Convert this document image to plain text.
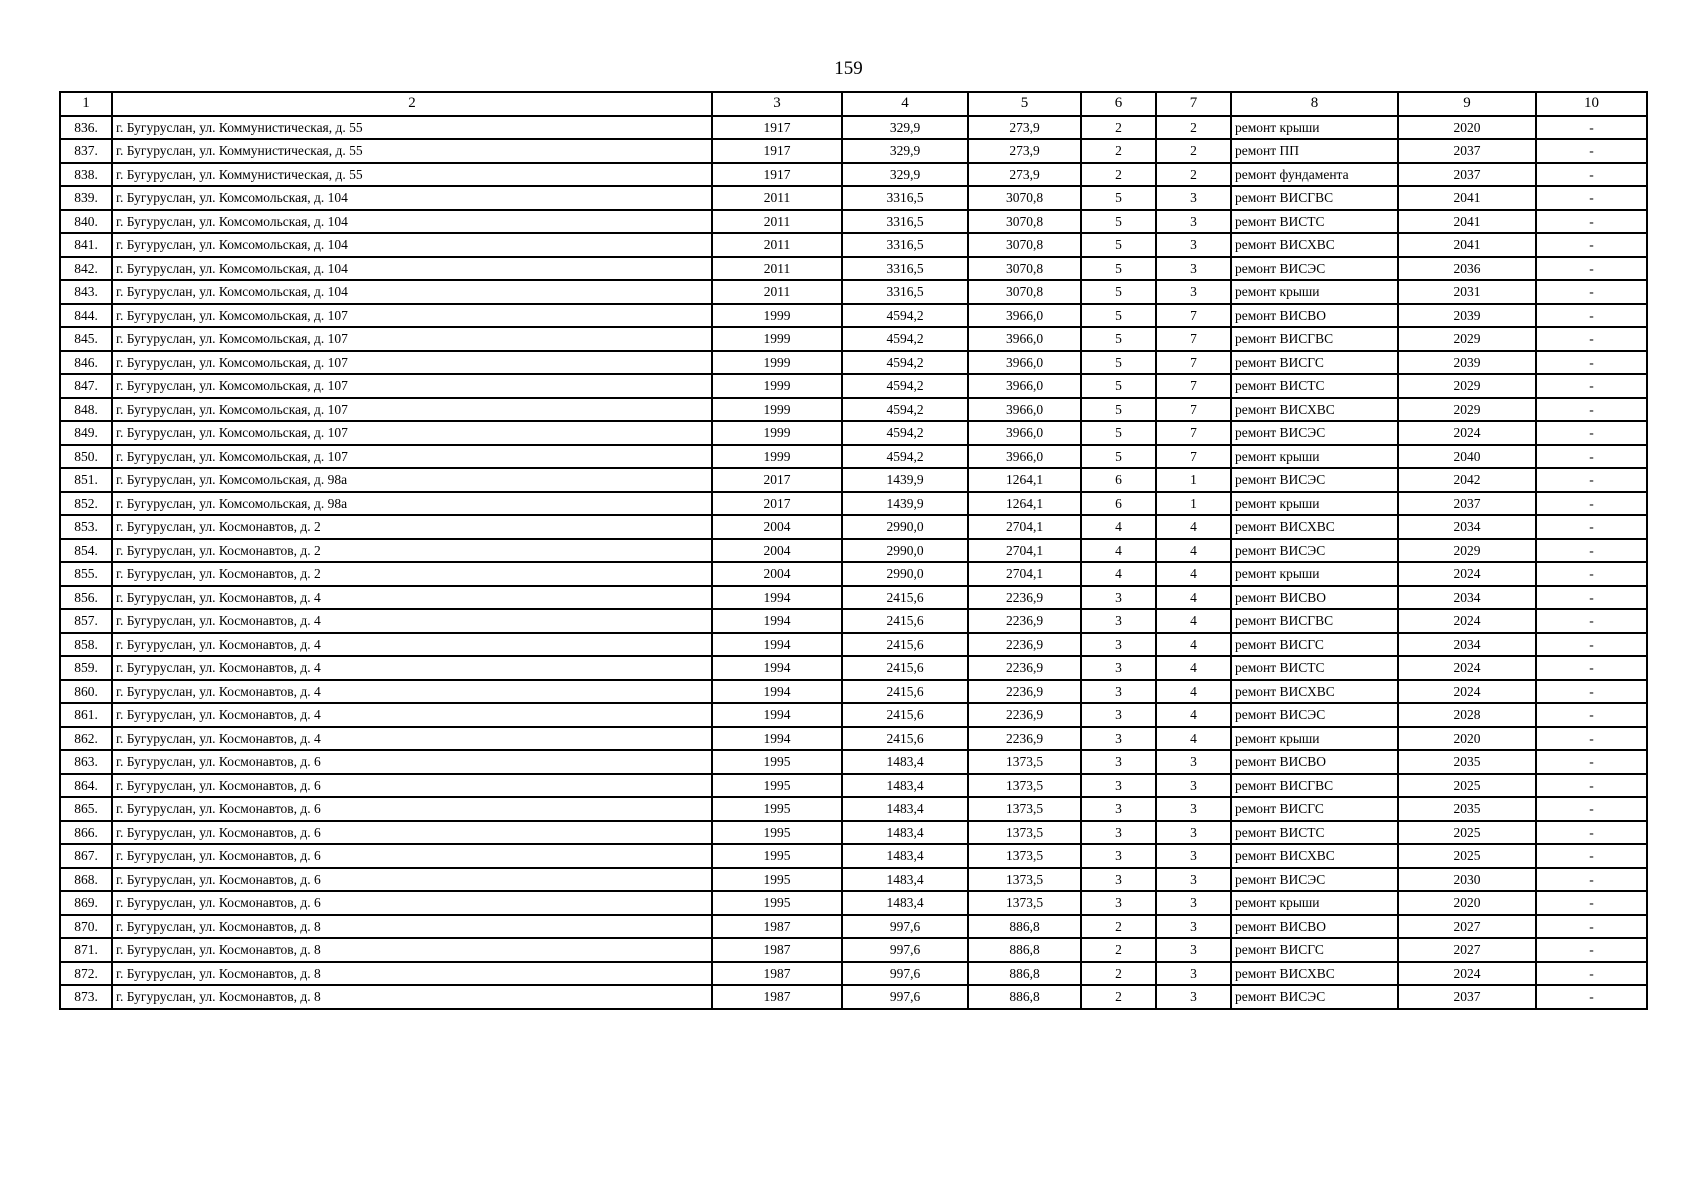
159
1	2	3	4	5	6	7	8	9	10
836.	г. Бугуруслан, ул. Коммунистическая, д. 55	1917	329,9	273,9	2	2	ремонт крыши	2020	-
837.	г. Бугуруслан, ул. Коммунистическая, д. 55	1917	329,9	273,9	2	2	ремонт ПП	2037	-
838.	г. Бугуруслан, ул. Коммунистическая, д. 55	1917	329,9	273,9	2	2	ремонт фундамента	2037	-
839.	г. Бугуруслан, ул. Комсомольская, д. 104	2011	3316,5	3070,8	5	3	ремонт ВИСГВС	2041	-
840.	г. Бугуруслан, ул. Комсомольская, д. 104	2011	3316,5	3070,8	5	3	ремонт ВИСТС	2041	-
841.	г. Бугуруслан, ул. Комсомольская, д. 104	2011	3316,5	3070,8	5	3	ремонт ВИСХВС	2041	-
842.	г. Бугуруслан, ул. Комсомольская, д. 104	2011	3316,5	3070,8	5	3	ремонт ВИСЭС	2036	-
843.	г. Бугуруслан, ул. Комсомольская, д. 104	2011	3316,5	3070,8	5	3	ремонт крыши	2031	-
844.	г. Бугуруслан, ул. Комсомольская, д. 107	1999	4594,2	3966,0	5	7	ремонт ВИСВО	2039	-
845.	г. Бугуруслан, ул. Комсомольская, д. 107	1999	4594,2	3966,0	5	7	ремонт ВИСГВС	2029	-
846.	г. Бугуруслан, ул. Комсомольская, д. 107	1999	4594,2	3966,0	5	7	ремонт ВИСГС	2039	-
847.	г. Бугуруслан, ул. Комсомольская, д. 107	1999	4594,2	3966,0	5	7	ремонт ВИСТС	2029	-
848.	г. Бугуруслан, ул. Комсомольская, д. 107	1999	4594,2	3966,0	5	7	ремонт ВИСХВС	2029	-
849.	г. Бугуруслан, ул. Комсомольская, д. 107	1999	4594,2	3966,0	5	7	ремонт ВИСЭС	2024	-
850.	г. Бугуруслан, ул. Комсомольская, д. 107	1999	4594,2	3966,0	5	7	ремонт крыши	2040	-
851.	г. Бугуруслан, ул. Комсомольская, д. 98а	2017	1439,9	1264,1	6	1	ремонт ВИСЭС	2042	-
852.	г. Бугуруслан, ул. Комсомольская, д. 98а	2017	1439,9	1264,1	6	1	ремонт крыши	2037	-
853.	г. Бугуруслан, ул. Космонавтов, д. 2	2004	2990,0	2704,1	4	4	ремонт ВИСХВС	2034	-
854.	г. Бугуруслан, ул. Космонавтов, д. 2	2004	2990,0	2704,1	4	4	ремонт ВИСЭС	2029	-
855.	г. Бугуруслан, ул. Космонавтов, д. 2	2004	2990,0	2704,1	4	4	ремонт крыши	2024	-
856.	г. Бугуруслан, ул. Космонавтов, д. 4	1994	2415,6	2236,9	3	4	ремонт ВИСВО	2034	-
857.	г. Бугуруслан, ул. Космонавтов, д. 4	1994	2415,6	2236,9	3	4	ремонт ВИСГВС	2024	-
858.	г. Бугуруслан, ул. Космонавтов, д. 4	1994	2415,6	2236,9	3	4	ремонт ВИСГС	2034	-
859.	г. Бугуруслан, ул. Космонавтов, д. 4	1994	2415,6	2236,9	3	4	ремонт ВИСТС	2024	-
860.	г. Бугуруслан, ул. Космонавтов, д. 4	1994	2415,6	2236,9	3	4	ремонт ВИСХВС	2024	-
861.	г. Бугуруслан, ул. Космонавтов, д. 4	1994	2415,6	2236,9	3	4	ремонт ВИСЭС	2028	-
862.	г. Бугуруслан, ул. Космонавтов, д. 4	1994	2415,6	2236,9	3	4	ремонт крыши	2020	-
863.	г. Бугуруслан, ул. Космонавтов, д. 6	1995	1483,4	1373,5	3	3	ремонт ВИСВО	2035	-
864.	г. Бугуруслан, ул. Космонавтов, д. 6	1995	1483,4	1373,5	3	3	ремонт ВИСГВС	2025	-
865.	г. Бугуруслан, ул. Космонавтов, д. 6	1995	1483,4	1373,5	3	3	ремонт ВИСГС	2035	-
866.	г. Бугуруслан, ул. Космонавтов, д. 6	1995	1483,4	1373,5	3	3	ремонт ВИСТС	2025	-
867.	г. Бугуруслан, ул. Космонавтов, д. 6	1995	1483,4	1373,5	3	3	ремонт ВИСХВС	2025	-
868.	г. Бугуруслан, ул. Космонавтов, д. 6	1995	1483,4	1373,5	3	3	ремонт ВИСЭС	2030	-
869.	г. Бугуруслан, ул. Космонавтов, д. 6	1995	1483,4	1373,5	3	3	ремонт крыши	2020	-
870.	г. Бугуруслан, ул. Космонавтов, д. 8	1987	997,6	886,8	2	3	ремонт ВИСВО	2027	-
871.	г. Бугуруслан, ул. Космонавтов, д. 8	1987	997,6	886,8	2	3	ремонт ВИСГС	2027	-
872.	г. Бугуруслан, ул. Космонавтов, д. 8	1987	997,6	886,8	2	3	ремонт ВИСХВС	2024	-
873.	г. Бугуруслан, ул. Космонавтов, д. 8	1987	997,6	886,8	2	3	ремонт ВИСЭС	2037	-
